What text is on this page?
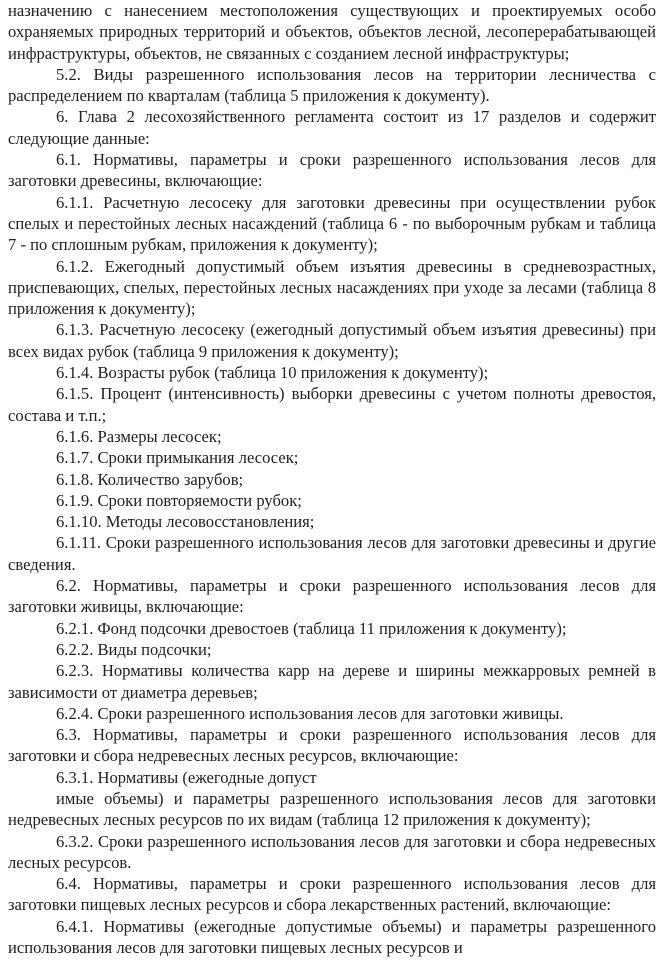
назначению с нанесением местоположения существующих и проектируемых особо охраняемых природных территорий и объектов, объектов лесной, лесоперерабатывающей инфраструктуры, объектов, не связанных с созданием лесной инфраструктуры;

5.2. Виды разрешенного использования лесов на территории лесничества с распределением по кварталам (таблица 5 приложения к документу).

6. Глава 2 лесохозяйственного регламента состоит из 17 разделов и содержит следующие данные:

6.1. Нормативы, параметры и сроки разрешенного использования лесов для заготовки древесины, включающие:

6.1.1. Расчетную лесосеку для заготовки древесины при осуществлении рубок спелых и перестойных лесных насаждений (таблица 6 - по выборочным рубкам и таблица 7 - по сплошным рубкам, приложения к документу);

6.1.2. Ежегодный допустимый объем изъятия древесины в средневозрастных, приспевающих, спелых, перестойных лесных насаждениях при уходе за лесами (таблица 8 приложения к документу);

6.1.3. Расчетную лесосеку (ежегодный допустимый объем изъятия древесины) при всех видах рубок (таблица 9 приложения к документу);

6.1.4. Возрасты рубок (таблица 10 приложения к документу);

6.1.5. Процент (интенсивность) выборки древесины с учетом полноты древостоя, состава и т.п.;

6.1.6. Размеры лесосек;

6.1.7. Сроки примыкания лесосек;

6.1.8. Количество зарубов;

6.1.9. Сроки повторяемости рубок;

6.1.10. Методы лесовосстановления;

6.1.11. Сроки разрешенного использования лесов для заготовки древесины и другие сведения.

6.2. Нормативы, параметры и сроки разрешенного использования лесов для заготовки живицы, включающие:

6.2.1. Фонд подсочки древостоев (таблица 11 приложения к документу);

6.2.2. Виды подсочки;

6.2.3. Нормативы количества карр на дереве и ширины межкарровых ремней в зависимости от диаметра деревьев;

6.2.4. Сроки разрешенного использования лесов для заготовки живицы.

6.3. Нормативы, параметры и сроки разрешенного использования лесов для заготовки и сбора недревесных лесных ресурсов, включающие:

6.3.1. Нормативы (ежегодные допуст

имые объемы) и параметры разрешенного использования лесов для заготовки недревесных лесных ресурсов по их видам (таблица 12 приложения к документу);

6.3.2. Сроки разрешенного использования лесов для заготовки и сбора недревесных лесных ресурсов.

6.4. Нормативы, параметры и сроки разрешенного использования лесов для заготовки пищевых лесных ресурсов и сбора лекарственных растений, включающие:

6.4.1. Нормативы (ежегодные допустимые объемы) и параметры разрешенного использования лесов для заготовки пищевых лесных ресурсов и
